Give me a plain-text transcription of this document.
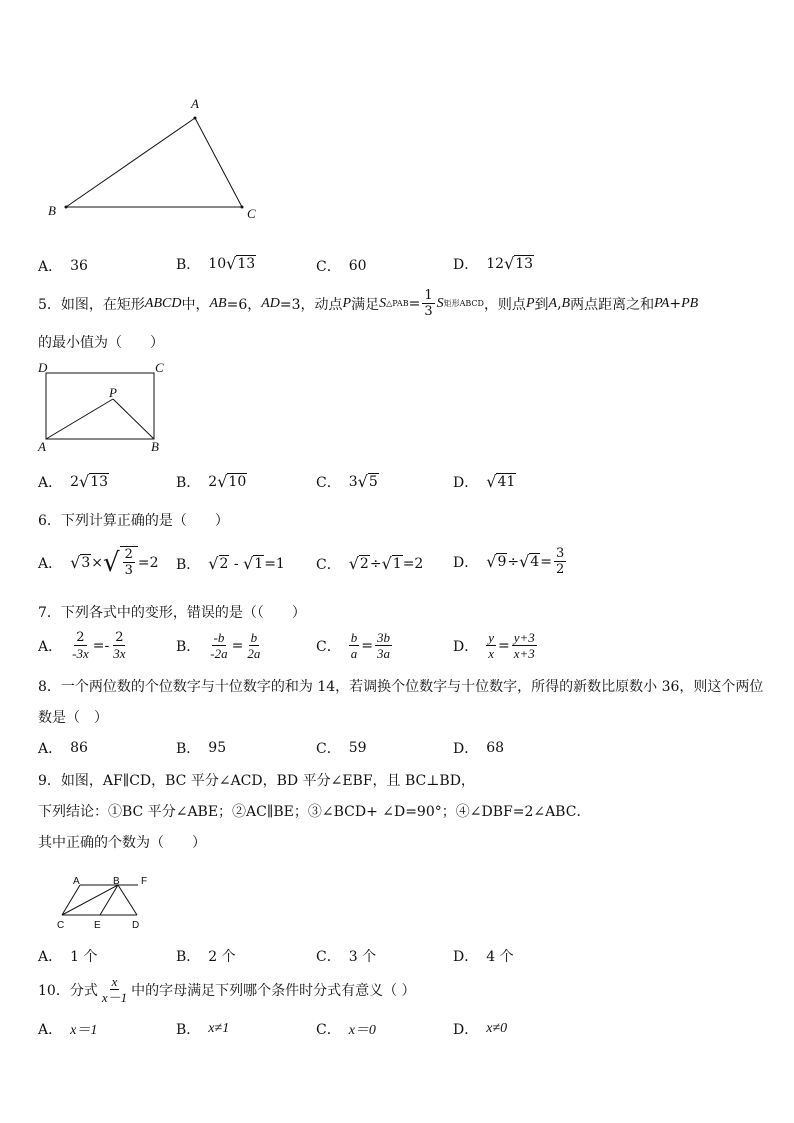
A
B	C
A． 36	B． 10 √ 13	C． 60	D． 12 √ 13
5．如图，在矩形 ABCD 中， AB =6， AD =3，动点 P 满足 S △PAB = $\frac{1}{3}$ S 矩形ABCD ，则点 P 到 A , B 两点距离之和 PA + PB
的最小值为（　　）
D	C
P
A	B
A． 2 √ 13	B． 2 √ 10	C． 3 √ 5	D． √ 41
6．下列计算正确的是（　　）
A． √ 3 × √ $\frac{2}{3} =2$ B． √ 2 - √ 1 =1 C． √ 2 ÷ √ 1 =2 D． √ 9 ÷ √ $4 = \frac{3}{2}$
7．下列各式中的变形，错误的是（（　　）
A． $\frac{2}{-3x} =- \frac{2}{3x}$	B． $\frac{-b}{-2a} = \frac{b}{2a}$	C． $\frac{b}{a} = \frac{3b}{3a}$	D． $\frac{y}{x} = \frac{y+3}{x+3}$
8．一个两位数的个位数字与十位数字的和为 14，若调换个位数字与十位数字，所得的新数比原数小 36，则这个两位
数是（　）
A． 86	B． 95	C． 59	D． 68
9．如图，AF∥CD，BC 平分∠ACD，BD 平分∠EBF，且 BC⊥BD，
下列结论：①BC 平分∠ABE；②AC∥BE；③∠BCD+ ∠D=90°；④∠DBF=2∠ABC．
其中正确的个数为（　　）
A	B F
C	E	D
A． 1 个	B． 2 个	C． 3 个	D． 4 个
10．分式 $\frac{x}{x-1}$ 中的字母满足下列哪个条件时分式有意义（ ）
A． x＝1	B． x≠1	C． x＝0	D． x≠0
